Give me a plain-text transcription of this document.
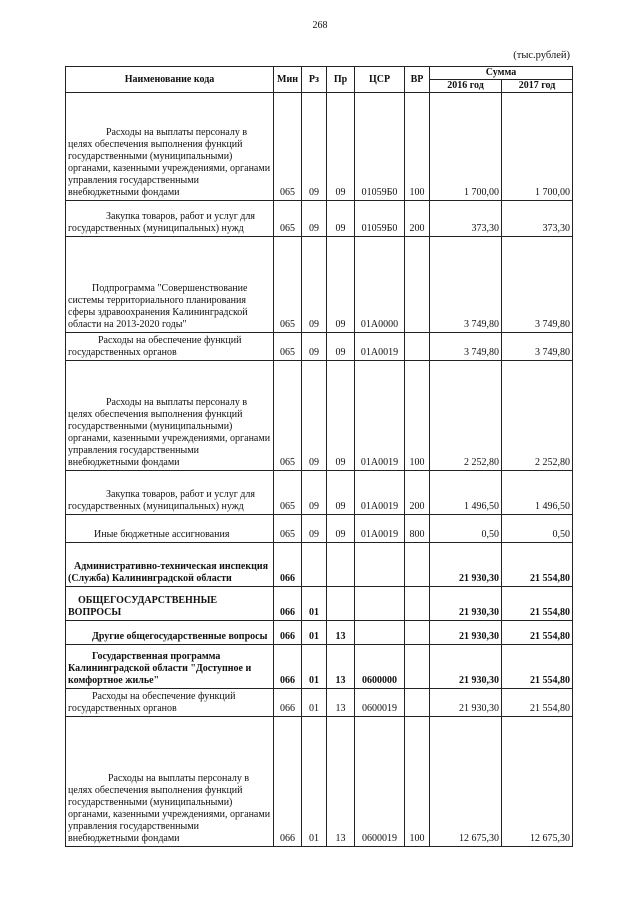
268
(тыс.рублей)
Наименование кода	Мин	Рз	Пр	ЦСР	ВР	Сумма	
						2016 год	2017 год
Расходы на выплаты персоналу в целях обеспечения выполнения функций государственными (муниципальными) органами, казенными учреждениями, органами управления государственными внебюджетными фондами	065	09	09	01059Б0	100	1 700,00	1 700,00
Закупка товаров, работ и услуг для государственных (муниципальных) нужд	065	09	09	01059Б0	200	373,30	373,30
Подпрограмма "Совершенствование системы территориального планирования сферы здравоохранения Калининградской области на 2013-2020 годы"	065	09	09	01А0000		3 749,80	3 749,80
Расходы на обеспечение функций государственных органов	065	09	09	01А0019		3 749,80	3 749,80
Расходы на выплаты персоналу в целях обеспечения выполнения функций государственными (муниципальными) органами, казенными учреждениями, органами управления государственными внебюджетными фондами	065	09	09	01А0019	100	2 252,80	2 252,80
Закупка товаров, работ и услуг для государственных (муниципальных) нужд	065	09	09	01А0019	200	1 496,50	1 496,50
Иные бюджетные ассигнования	065	09	09	01А0019	800	0,50	0,50
Административно-техническая инспекция (Служба) Калининградской области	066					21 930,30	21 554,80
ОБЩЕГОСУДАРСТВЕННЫЕ ВОПРОСЫ	066	01				21 930,30	21 554,80
Другие общегосударственные вопросы	066	01	13			21 930,30	21 554,80
Государственная программа Калининградской области "Доступное и комфортное жилье"	066	01	13	0600000		21 930,30	21 554,80
Расходы на обеспечение функций государственных органов	066	01	13	0600019		21 930,30	21 554,80
Расходы на выплаты персоналу в целях обеспечения выполнения функций государственными (муниципальными) органами, казенными учреждениями, органами управления государственными внебюджетными фондами	066	01	13	0600019	100	12 675,30	12 675,30
